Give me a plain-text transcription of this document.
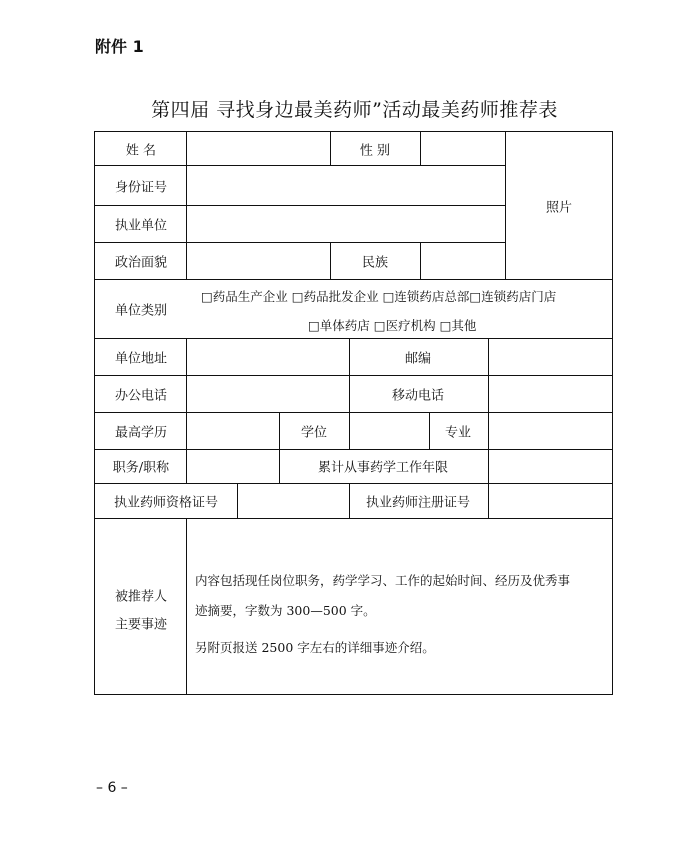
附件 1
第四届 寻找身边最美药师”活动最美药师推荐表
姓 名	性 别
照片
身份证号
执业单位
政治面貌	民族
单位类别
□药品生产企业 □药品批发企业 □连锁药店总部□连锁药店门店
□单体药店 □医疗机构 □其他
单位地址	邮编
办公电话	移动电话
最高学历	学位	专业
职务/职称	累计从事药学工作年限
执业药师资格证号	执业药师注册证号
被推荐人
主要事迹
内容包括现任岗位职务，药学学习、工作的起始时间、经历及优秀事
迹摘要，字数为 300—500 字。
另附页报送 2500 字左右的详细事迹介绍。
– 6 –
